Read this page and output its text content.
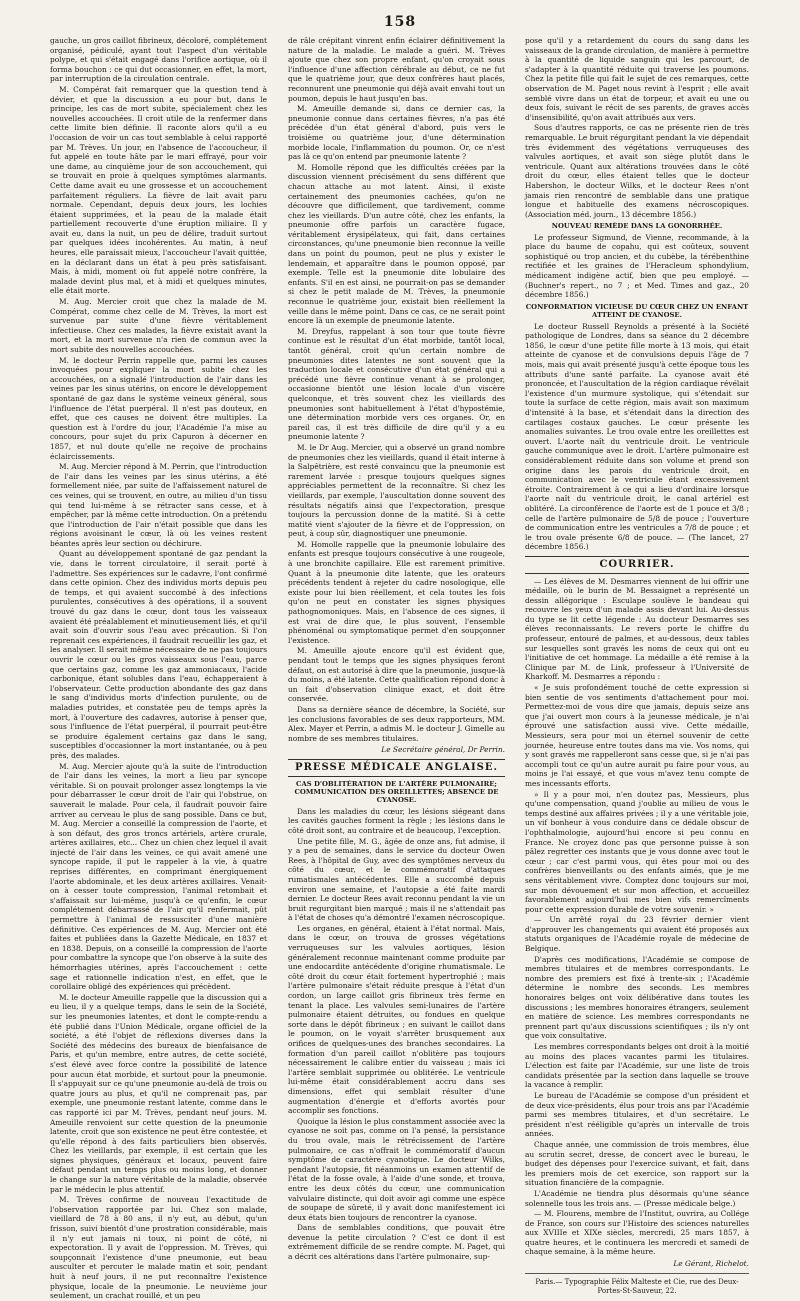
158

gauche, un gros caillot fibrineux, décoloré, complétement organisé, pédiculé, ayant tout l'aspect d'un véritable polype, et qui s'était engagé dans l'orifice aortique, où il forma bouchon : ce qui dut occasionner, en effet, la mort, par interruption de la circulation centrale.

M. Compérat fait remarquer que la question tend à dévier, et que la discussion a eu pour but, dans le principe, les cas de mort subite, spécialement chez les nouvelles accouchées. Il croit utile de la renfermer dans cette limite bien définie. Il raconte alors qu'il a eu l'occasion de voir un cas tout semblable à celui rapporté par M. Trèves. Un jour, en l'absence de l'accoucheur, il fut appelé en toute hâte par le mari effrayé, pour voir une dame, au cinquième jour de son accouchement, qui se trouvait en proie à quelques symptômes alarmants. Cette dame avait eu une grossesse et un accouchement parfaitement réguliers. La fièvre de lait avait paru normale. Cependant, depuis deux jours, les lochies étaient supprimées, et la peau de la malade était partiellement recouverte d'une éruption miliaire. Il y avait eu, dans la nuit, un peu de délire, traduit surtout par quelques idées incohérentes. Au matin, à neuf heures, elle paraissait mieux, l'accoucheur l'avait quittée, en la déclarant dans un état à peu près satisfaisant. Mais, à midi, moment où fut appelé notre confrère, la malade devint plus mal, et à midi et quelques minutes, elle était morte.

M. Aug. Mercier croit que chez la malade de M. Compérat, comme chez celle de M. Trèves, la mort est survenue par suite d'une fièvre véritablement infectieuse. Chez ces malades, la fièvre existait avant la mort, et la mort survenue n'a rien de commun avec la mort subite des nouvelles accouchées.

M. le docteur Perrin rappelle que, parmi les causes invoquées pour expliquer la mort subite chez les accouchées, on a signalé l'introduction de l'air dans les veines par les sinus utérins, on encore le développement spontané de gaz dans le système veineux général, sous l'influence de l'état puerpéral. Il n'est pas douteux, en effet, que ces causes ne doivent être multiples. La question est à l'ordre du jour, l'Académie l'a mise au concours, pour sujet du prix Capuron à décerner en 1857, et nul doute qu'elle ne reçoive de prochains éclaircissements.

M. Aug. Mercier répond à M. Perrin, que l'introduction de l'air dans les veines par les sinus utérins, a été formellement niée, par suite de l'affaissement naturel de ces veines, qui se trouvent, en outre, au milieu d'un tissu qui tend lui-même à se rétracter sans cesse, et à empêcher, par là même cette introduction. On a prétendu que l'introduction de l'air n'était possible que dans les régions avoisinant le cœur, là où les veines restent béantes après leur section ou déchirure.

Quant au développement spontané de gaz pendant la vie, dans le torrent circulatoire, il serait porté à l'admettre. Ses expériences sur le cadavre, l'ont confirmé dans cette opinion. Chez des individus morts depuis peu de temps, et qui avaient succombé à des infections purulentes, consécutives à des opérations, il a souvent trouvé du gaz dans le cœur, dont tous les vaisseaux avaient été préalablement et minutieusement liés, et qu'il avait soin d'ouvrir sous l'eau avec précaution. Si l'on reprenait ces expériences, il faudrait recueillir les gaz, et les analyser. Il serait même nécessaire de ne pas toujours ouvrir le cœur ou les gros vaisseaux sous l'eau, parce que certains gaz, comme les gaz ammoniacaux, l'acide carbonique, étant solubles dans l'eau, échapperaient à l'observateur. Cette production abondante des gaz dans le sang d'individus morts d'infection purulente, ou de maladies putrides, et constatée peu de temps après la mort, à l'ouverture des cadavres, autorise à penser que, sous l'influence de l'état puerpéral, il pourrait peut-être se produire également certains gaz dans le sang, susceptibles d'occasionner la mort instantanée, ou à peu près, des malades.

M. Aug. Mercier ajoute qu'à la suite de l'introduction de l'air dans les veines, la mort a lieu par syncope véritable. Si on pouvait prolonger assez longtemps la vie pour débarrasser le cœur droit de l'air qui l'obstrue, on sauverait le malade. Pour cela, il faudrait pouvoir faire arriver au cerveau le plus de sang possible. Dans ce but, M. Aug. Mercier a conseillé la compression de l'aorte, et à son défaut, des gros troncs artériels, artère crurale, artères axillaires, etc... Chez un chien chez lequel il avait injecté de l'air dans les veines, ce qui avait amené une syncope rapide, il put le rappeler à la vie, à quatre reprises différentes, en comprimant énergiquement l'aorte abdominale, et les deux artères axillaires. Venait-on à cesser toute compression, l'animal retombait et s'affaissait sur lui-même, jusqu'à ce qu'enfin, le cœur complétement débarrassé de l'air qu'il renfermait, pût permettre à l'animal de ressusciter d'une manière définitive. Ces expériences de M. Aug. Mercier ont été faites et publiées dans la Gazette Médicale, en 1837 et en 1838. Depuis, on a conseillé la compression de l'aorte pour combattre la syncope que l'on observe à la suite des hémorrhagies utérines, après l'accouchement : cette sage et rationnelle indication n'est, en effet, que le corollaire obligé des expériences qui précèdent.

M. le docteur Ameuille rappelle que la discussion qui a eu lieu, il y a quelque temps, dans le sein de la Société, sur les pneumonies latentes, et dont le compte-rendu a été publié dans l'Union Médicale, organe officiel de la société, a été l'objet de réflexions diverses dans la Société des médecins des bureaux de bienfaisance de Paris, et qu'un membre, entre autres, de cette société, s'est élevé avec force contre la possibilité de latence pour aucun état morbide, et surtout pour la pneumonie. Il s'appuyait sur ce qu'une pneumonie au-delà de trois ou quatre jours au plus, et qu'il ne comprenait pas, par exemple, une pneumonie restant latente, comme dans le cas rapporté ici par M. Trèves, pendant neuf jours. M. Ameuille renvoient sur cette question de la pneumonie latente, croit que son existence ne peut être contestée, et qu'elle répond à des faits particuliers bien observés. Chez les vieillards, par exemple, il est certain que les signes physiques, généraux et locaux, peuvent faire défaut pendant un temps plus ou moins long, et donner le change sur la nature véritable de la maladie, observée par le médecin le plus attentif.

M. Trèves confirme de nouveau l'exactitude de l'observation rapportée par lui. Chez son malade, vieillard de 78 à 80 ans, il n'y eut, au début, qu'un frisson, suivi bientôt d'une prostration considérable, mais il n'y eut jamais ni toux, ni point de côté, ni expectoration. Il y avait de l'oppression. M. Trèves, qui soupçonnait l'existence d'une pneumonie, eut beau ausculter et percuter le malade matin et soir, pendant huit à neuf jours, il ne put reconnaître l'existence physique, locale de la pneumonie. Le neuvième jour seulement, un crachat rouillé, et un peu

de râle crépitant vinrent enfin éclairer définitivement la nature de la maladie. Le malade a guéri. M. Trèves ajoute que chez son propre enfant, qu'on croyait sous l'influence d'une affection cérébrale au début, ce ne fut que le quatrième jour, que deux confrères haut placés, reconnurent une pneumonie qui déjà avait envahi tout un poumon, depuis le haut jusqu'en bas.

M. Ameuille demande si, dans ce dernier cas, la pneumonie connue dans certaines fièvres, n'a pas été précédée d'un état général d'abord, puis vers le troisième ou quatrième jour, d'une détermination morbide locale, l'inflammation du poumon. Or, ce n'est pas là ce qu'on entend par pneumonie latente ?

M. Homolle répond que les difficultés créées par la discussion viennent précisément du sens différent que chacun attache au mot latent. Ainsi, il existe certainement des pneumonies cachées, qu'on ne découvre que difficilement, que tardivement, comme chez les vieillards. D'un autre côté, chez les enfants, la pneumonie offre parfois un caractère fugace, véritablement érysipélateux, qui fait, dans certaines circonstances, qu'une pneumonie bien reconnue la veille dans un point du poumon, peut ne plus y exister le lendemain, et apparaître dans le poumon opposé, par exemple. Telle est la pneumonie dite lobulaire des enfants. S'il en est ainsi, ne pourrait-on pas se demander si chez le petit malade de M. Trèves, la pneumonie reconnue le quatrième jour, existait bien réellement la veille dans le même point. Dans ce cas, ce ne serait point encore là un exemple de pneumonie latente.

M. Dreyfus, rappelant à son tour que toute fièvre continue est le résultat d'un état morbide, tantôt local, tantôt général, croit qu'un certain nombre de pneumonies dites latentes ne sont souvent que la traduction locale et consécutive d'un état général qui a précédé une fièvre continue venant à se prolonger, occasionne bientôt une lésion locale d'un viscère quelconque, et très souvent chez les vieillards des pneumonies sont habituellement à l'état d'hypostémie, une détermination morbide vers ces organes. Or, en pareil cas, il est très difficile de dire qu'il y a eu pneumonie latente ?

M. le Dr Aug. Mercier, qui a observé un grand nombre de pneumonies chez les vieillards, quand il était interne à la Salpêtrière, est resté convaincu que la pneumonie est rarement larvée : presque toujours quelques signes appréciables permettent de la reconnaître. Si chez les vieillards, par exemple, l'auscultation donne souvent des résultats négatifs ainsi que l'expectoration, presque toujours la percussion donne de la matité. Si à cette matité vient s'ajouter de la fièvre et de l'oppression, on peut, à coup sûr, diagnostiquer une pneumonie.

M. Homolle rappelle que la pneumonie lobulaire des enfants est presque toujours consécutive à une rougeole, à une bronchite capillaire. Elle est rarement primitive. Quant à la pneumonie dite latente, que les orateurs précédents tendent à rejeter du cadre nosologique, elle existe pour lui bien réellement, et cela toutes les fois qu'on ne peut en constater les signes physiques pathognomoniques. Mais, en l'absence de ces signes, il est vrai de dire que, le plus souvent, l'ensemble phénoménal ou symptomatique permet d'en soupçonner l'existence.

M. Ameuille ajoute encore qu'il est évident que, pendant tout le temps que les signes physiques feront défaut, on est autorisé à dire que la pneumonie, jusque-là du moins, a été latente. Cette qualification répond donc à un fait d'observation clinique exact, et doit être conservée.

Dans sa dernière séance de décembre, la Société, sur les conclusions favorables de ses deux rapporteurs, MM. Alex. Mayer et Perrin, a admis M. le docteur J. Gimelle au nombre de ses membres titulaires.

Le Secrétaire général, Dr Perrin.

PRESSE MÉDICALE ANGLAISE.
CAS D'OBLITÉRATION DE L'ARTÈRE PULMONAIRE; COMMUNICATION DES OREILLETTES; ABSENCE DE CYANOSE.

Dans les maladies du cœur, les lésions siégeant dans les cavités gauches forment la règle ; les lésions dans le côté droit sont, au contraire et de beaucoup, l'exception.

Une petite fille, M. G., âgée de onze ans, fut admise, il y a peu de semaines, dans le service du docteur Owen Rees, à l'hôpital de Guy, avec des symptômes nerveux du côté du cœur, et le commémoratif d'attaques rumatismales antécédentes. Elle a succombé depuis environ une semaine, et l'autopsie a été faite mardi dernier. Le docteur Rees avait reconnu pendant la vie un bruit regurgitant bien marqué ; mais il ne s'attendait pas à l'état de choses qu'a démontré l'examen nécroscopique.

Les organes, en général, étaient à l'état normal. Mais, dans le cœur, on trouva de grosses végétations verruqueuses sur les valvules aortiques, lésion généralement reconnue maintenant comme produite par une endocardite antécédente d'origine rhumatismale. Le côté droit du cœur était fortement hypertrophié ; mais l'artère pulmonaire s'était réduite presque à l'état d'un cordon, un large caillot gris fibrineux très ferme en tenant la place. Les valvules semi-lunaires de l'artère pulmonaire étaient détruites, ou fondues en quelque sorte dans le dépôt fibrineux ; en suivant le caillot dans le poumon, on le voyait s'arrêter brusquement aux orifices de quelques-unes des branches secondaires. La formation d'un pareil caillot n'oblitère pas toujours nécessairement le calibre entier du vaisseau ; mais ici l'artère semblait supprimée ou oblitérée. Le ventricule lui-même était considérablement accru dans ses dimensions, effet qui semblait résulter d'une augmentation d'énergie et d'efforts avortés pour accomplir ses fonctions.

Quoique la lésion le plus constamment associée avec la cyanose ne soit pas, comme on l'a pensé, la persistance du trou ovale, mais le rétrécissement de l'artère pulmonaire, ce cas n'offrait le commémoratif d'aucun symptôme de caractère cyanotique. Le docteur Wilks, pendant l'autopsie, fit néanmoins un examen attentif de l'état de la fosse ovale, à l'aide d'une sonde, et trouva, entre les deux côtés du cœur, une communication valvulaire distincte, qui doit avoir agi comme une espèce de soupape de sûreté, il y avait donc manifestement ici deux états bien toujours de rencontrer la cyanose.

Dans de semblables conditions, que pouvait être devenue la petite circulation ? C'est ce dont il est extrêmement difficile de se rendre compte. M. Paget, qui a décrit ces altérations dans l'artère pulmonaire, sup-

pose qu'il y a retardement du cours du sang dans les vaisseaux de la grande circulation, de manière à permettre à la quantité de liquide sanguin qui les parcourt, de s'adapter à la quantité réduite qui traverse les poumons. Chez la petite fille qui fait le sujet de ces remarques, cette observation de M. Paget nous revint à l'esprit ; elle avait semblé vivre dans un état de torpeur, et avait eu une ou deux fois, suivant le récit de ses parents, de graves accès d'insensibilité, qu'on avait attribués aux vers.

Sous d'autres rapports, ce cas ne présente rien de très remarquable. Le bruit régurgitant pendant la vie dépendait très évidemment des végétations verruqueuses des valvules aortiques, et avait son siège plutôt dans le ventricule. Quant aux altérations trouvées dans le côté droit du cœur, elles étaient telles que le docteur Habershon, le docteur Wilks, et le docteur Rees n'ont jamais rien rencontré de semblable dans une pratique longue et habituelle des examens nécroscopiques. (Association méd. journ., 13 décembre 1856.)

NOUVEAU REMÈDE DANS LA GONORRHÉE.

Le professeur Sigmund, de Vienne, recommande, à la place du baume de copahu, qui est coûteux, souvent sophistiqué ou trop ancien, et du cubèbe, la térébenthine rectifiée et les graines de l'Heracleum sphondylium, médicament indigène actif, bien que peu employé. — (Buchner's repert., no 7 ; et Med. Times and gaz., 20 décembre 1856.)

CONFORMATION VICIEUSE DU CŒUR CHEZ UN ENFANT ATTEINT DE CYANOSE.

Le docteur Russell Reynolds a présenté à la Société pathologique de Londres, dans sa séance du 2 décembre 1856, le cœur d'une petite fille morte à 13 mois, qui était atteinte de cyanose et de convulsions depuis l'âge de 7 mois, mais qui avait présenté jusqu'à cette époque tous les attributs d'une santé parfaite. La cyanose avait été prononcée, et l'auscultation de la région cardiaque révélait l'existence d'un murmure systolique, qui s'étendait sur toute la surface de cette région, mais avait son maximum d'intensité à la base, et s'étendait dans la direction des cartilages costaux gauches. Le cœur présente les anomalies suivantes. Le trou ovale entre les oreillettes est ouvert. L'aorte naît du ventricule droit. Le ventricule gauche communique avec le droit. L'artère pulmonaire est considérablement réduite dans son volume et prend son origine dans les parois du ventricule droit, en communication avec le ventricule étant excessivement étroite. Contrairement à ce qui a lieu d'ordinaire lorsque l'aorte naît du ventricule droit, le canal artériel est oblitéré. La circonférence de l'aorte est de 1 pouce et 3/8 ; celle de l'artère pulmonaire de 5/8 de pouce ; l'ouverture de communication entre les ventricules a 7/8 de pouce ; et le trou ovale présente 6/8 de pouce. — (The lancet, 27 décembre 1856.)

COURRIER.

— Les élèves de M. Desmarres viennent de lui offrir une médaille, où le burin de M. Bessaignet a représenté un dessin allégorique : Esculape soulève le bandeau qui recouvre les yeux d'un malade assis devant lui. Au-dessus du type se lit cette légende : Au docteur Desmarres ses élèves reconnaissants. Le revers porte le chiffre du professeur, entouré de palmes, et au-dessous, deux tables sur lesquelles sont gravés les noms de ceux qui ont eu l'initiative de cet hommage. La médaille a été remise à la Clinique par M. de Link, professeur à l'Université de Kharkoff. M. Desmarres a répondu :

« Je suis profondément touché de cette expression si bien sentie de vos sentiments d'attachement pour moi. Permettez-moi de vous dire que jamais, depuis seize ans que j'ai ouvert mon cours à la jeunesse médicale, je n'ai éprouvé une satisfaction aussi vive. Cette médaille, Messieurs, sera pour moi un éternel souvenir de cette journée, heureuse entre toutes dans ma vie. Vos noms, qui y sont gravés me rappelleront sans cesse que, si je n'ai pas accompli tout ce qu'un autre aurait pu faire pour vous, au moins je l'ai essayé, et que vous m'avez tenu compte de mes incessants efforts.

» Il y a pour moi, n'en doutez pas, Messieurs, plus qu'une compensation, quand j'oublie au milieu de vous le temps destiné aux affaires privées ; il y a une véritable joie, un vif bonheur à vous conduire dans ce dédale obscur de l'ophthalmologie, aujourd'hui encore si peu connu en France. Ne croyez donc pas que personne puisse à son pâlez regretter ces instants que je vous donne avec tout le cœur ; car c'est parmi vous, qui êtes pour moi ou des confrères bienveillants ou des enfants aimés, que je me sens véritablement vivre. Comptez donc toujours sur moi, sur mon dévouement et sur mon affection, et accueillez favorablement aujourd'hui mes bien vifs remercîments pour cette expression durable de votre souvenir. »

— Un arrêté royal du 23 février dernier vient d'approuver les changements qui avaient été proposés aux statuts organiques de l'Académie royale de médecine de Belgique.

D'après ces modifications, l'Académie se compose de membres titulaires et de membres correspondants. Le nombre des premiers est fixé à trente-six ; l'Académie détermine le nombre des seconds. Les membres honoraires belges ont voix délibérative dans toutes les discussions ; les membres honoraires étrangers, seulement en matière de science. Les membres correspondants ne prennent part qu'aux discussions scientifiques ; ils n'y ont que voix consultative.

Les membres correspondants belges ont droit à la moitié au moins des places vacantes parmi les titulaires. L'élection est faite par l'Académie, sur une liste de trois candidats présentée par la section dans laquelle se trouve la vacance à remplir.

Le bureau de l'Académie se compose d'un président et de deux vice-présidents, élus pour trois ans par l'Académie parmi ses membres titulaires, et d'un secrétaire. Le président n'est rééligible qu'après un intervalle de trois années.

Chaque année, une commission de trois membres, élue au scrutin secret, dresse, de concert avec le bureau, le budget des dépenses pour l'exercice suivant, et fait, dans les premiers mois de cet exercice, son rapport sur la situation financière de la compagnie.

L'Académie ne tiendra plus désormais qu'une séance solennelle tous les trois ans. — (Presse médicale belge.)

— M. Flourens, membre de l'Institut, ouvrira, au Collége de France, son cours sur l'Histoire des sciences naturelles aux XVIIIe et XIXe siècles, mercredi, 25 mars 1857, à quatre heures, et le continuera les mercredi et samedi de chaque semaine, à la même heure.

Le Gérant, Richelot.

Paris.— Typographie Félix Malteste et Cie, rue des Deux-Portes-St-Sauveur, 22.
